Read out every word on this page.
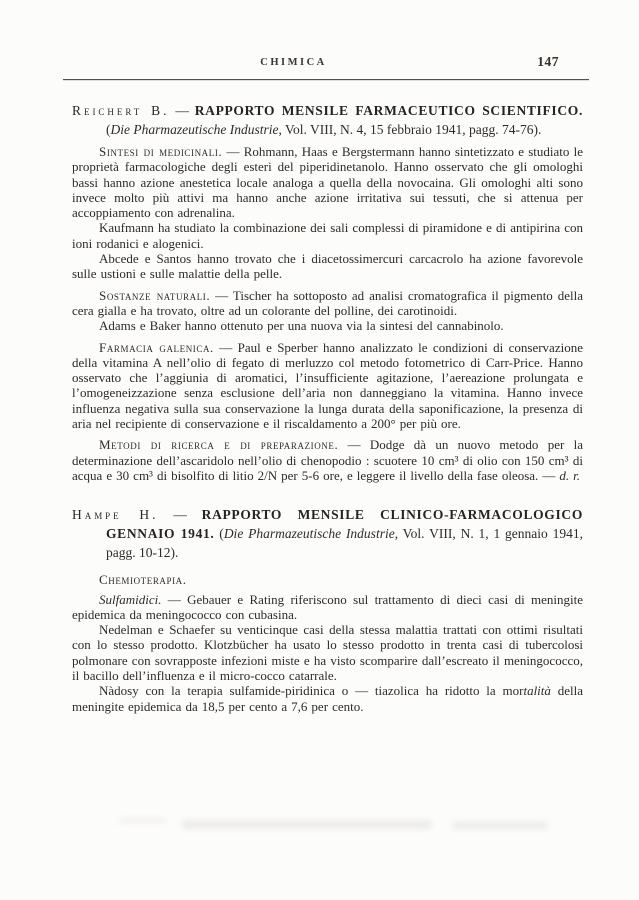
CHIMICA	147
Reichert B. — RAPPORTO MENSILE FARMACEUTICO SCIENTIFICO. (Die Pharmazeutische Industrie, Vol. VIII, N. 4, 15 febbraio 1941, pagg. 74-76).

Sintesi di medicinali. — Rohmann, Haas e Bergstermann hanno sintetizzato e studiato le proprietà farmacologiche degli esteri del piperidinetanolo. Hanno osservato che gli omologhi bassi hanno azione anestetica locale analoga a quella della novocaina. Gli omologhi alti sono invece molto più attivi ma hanno anche azione irritativa sui tessuti, che si attenua per accoppiamento con adrenalina.

Kaufmann ha studiato la combinazione dei sali complessi di piramidone e di antipirina con ioni rodanici e alogenici.

Abcede e Santos hanno trovato che i diacetossimercuri carcacrolo ha azione favorevole sulle ustioni e sulle malattie della pelle.

Sostanze naturali. — Tischer ha sottoposto ad analisi cromatografica il pigmento della cera gialla e ha trovato, oltre ad un colorante del polline, dei carotinoidi.

Adams e Baker hanno ottenuto per una nuova via la sintesi del cannabinolo.

Farmacia galenica. — Paul e Sperber hanno analizzato le condizioni di conservazione della vitamina A nell’olio di fegato di merluzzo col metodo fotometrico di Carr-Price. Hanno osservato che l’aggiunia di aromatici, l’insufficiente agitazione, l’aereazione prolungata e l’omogeneizzazione senza esclusione dell’aria non danneggiano la vitamina. Hanno invece influenza negativa sulla sua conservazione la lunga durata della saponificazione, la presenza di aria nel recipiente di conservazione e il riscaldamento a 200° per più ore.

Metodi di ricerca e di preparazione. — Dodge dà un nuovo metodo per la determinazione dell’ascaridolo nell’olio di chenopodio : scuotere 10 cm³ di olio con 150 cm³ di acqua e 30 cm³ di bisolfito di litio 2/N per 5-6 ore, e leggere il livello della fase oleosa. — d. r.

Hampe H. — RAPPORTO MENSILE CLINICO-FARMACOLOGICO GENNAIO 1941. (Die Pharmazeutische Industrie, Vol. VIII, N. 1, 1 gennaio 1941, pagg. 10-12).

Chemioterapia.

Sulfamidici. — Gebauer e Rating riferiscono sul trattamento di dieci casi di meningite epidemica da meningococco con cubasina.

Nedelman e Schaefer su venticinque casi della stessa malattia trattati con ottimi risultati con lo stesso prodotto. Klotzbücher ha usato lo stesso prodotto in trenta casi di tubercolosi polmonare con sovrapposte infezioni miste e ha visto scomparire dall’escreato il meningococco, il bacillo dell’influenza e il micro-cocco catarrale.

Nàdosy con la terapia sulfamide-piridinica o — tiazolica ha ridotto la mortalità della meningite epidemica da 18,5 per cento a 7,6 per cento.
